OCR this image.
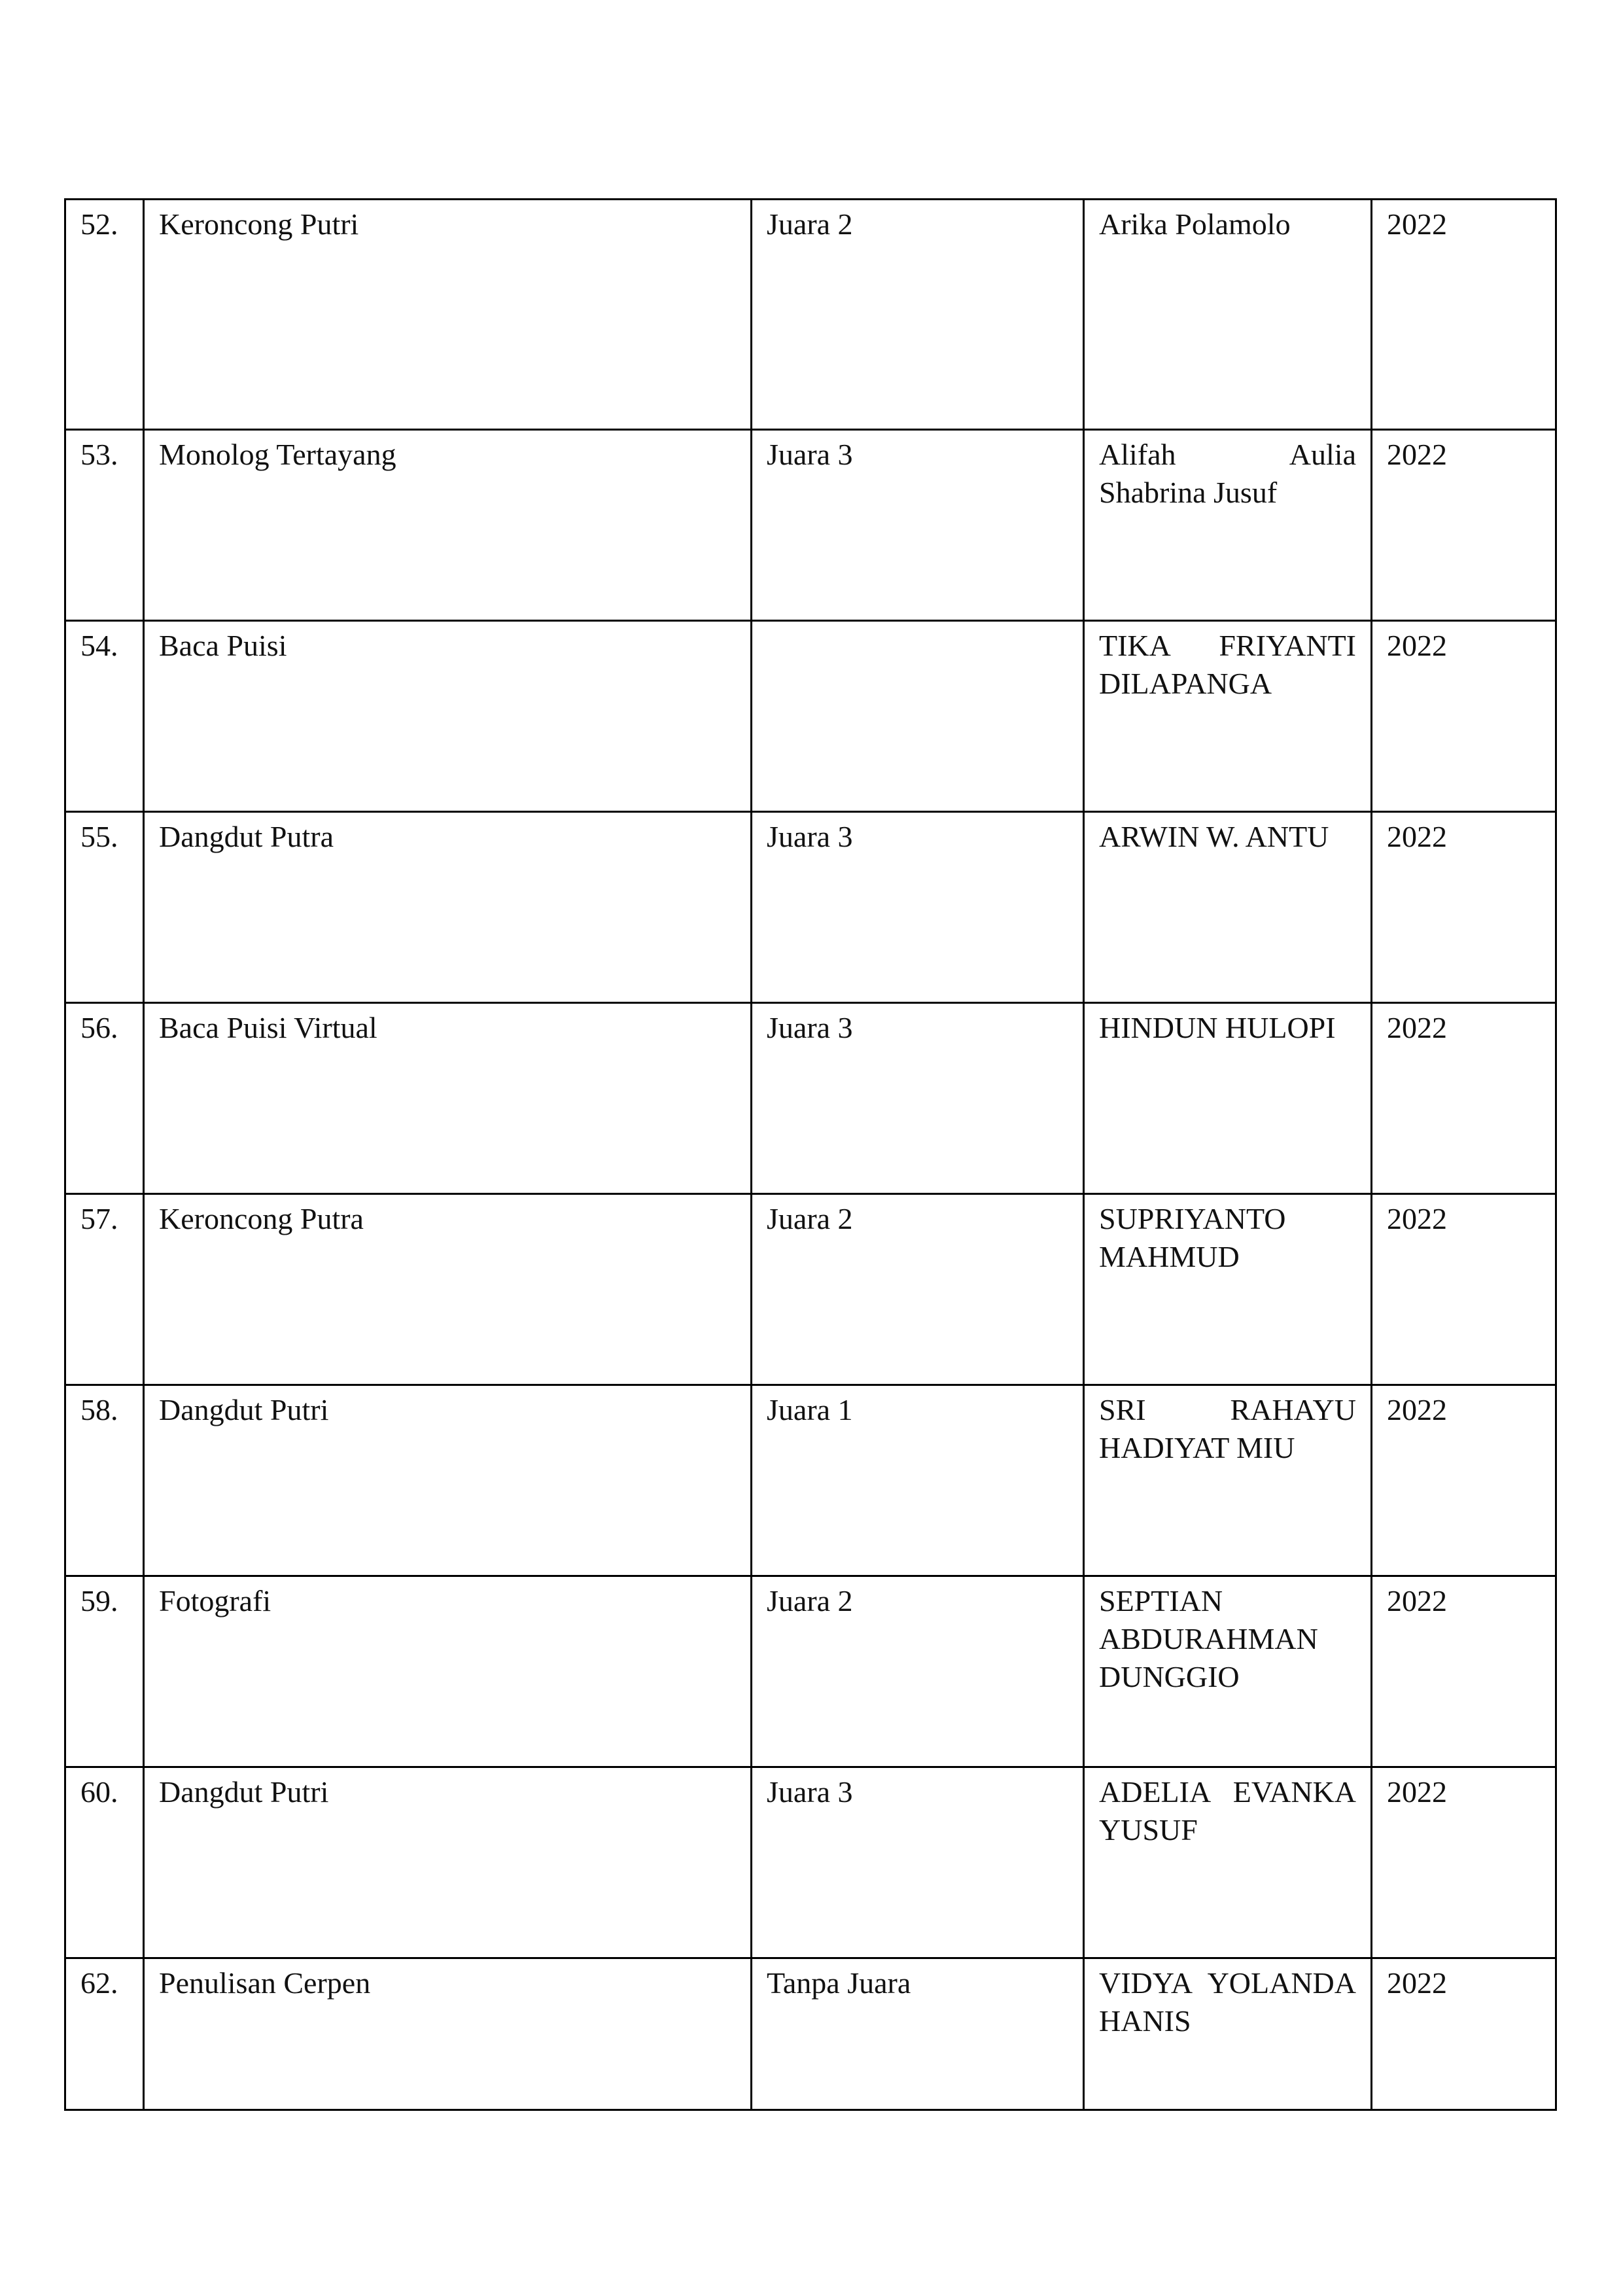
52.	Keroncong Putri	Juara 2	Arika Polamolo	2022
53.	Monolog Tertayang	Juara 3	Alifah Aulia Shabrina Jusuf	2022
54.	Baca Puisi		TIKA FRIYANTI DILAPANGA	2022
55.	Dangdut Putra	Juara 3	ARWIN W. ANTU	2022
56.	Baca Puisi Virtual	Juara 3	HINDUN HULOPI	2022
57.	Keroncong Putra	Juara 2	SUPRIYANTO MAHMUD	2022
58.	Dangdut Putri	Juara 1	SRI RAHAYU HADIYAT MIU	2022
59.	Fotografi	Juara 2	SEPTIAN ABDURAHMAN DUNGGIO	2022
60.	Dangdut Putri	Juara 3	ADELIA EVANKA YUSUF	2022
62.	Penulisan Cerpen	Tanpa Juara	VIDYA YOLANDA HANIS	2022
